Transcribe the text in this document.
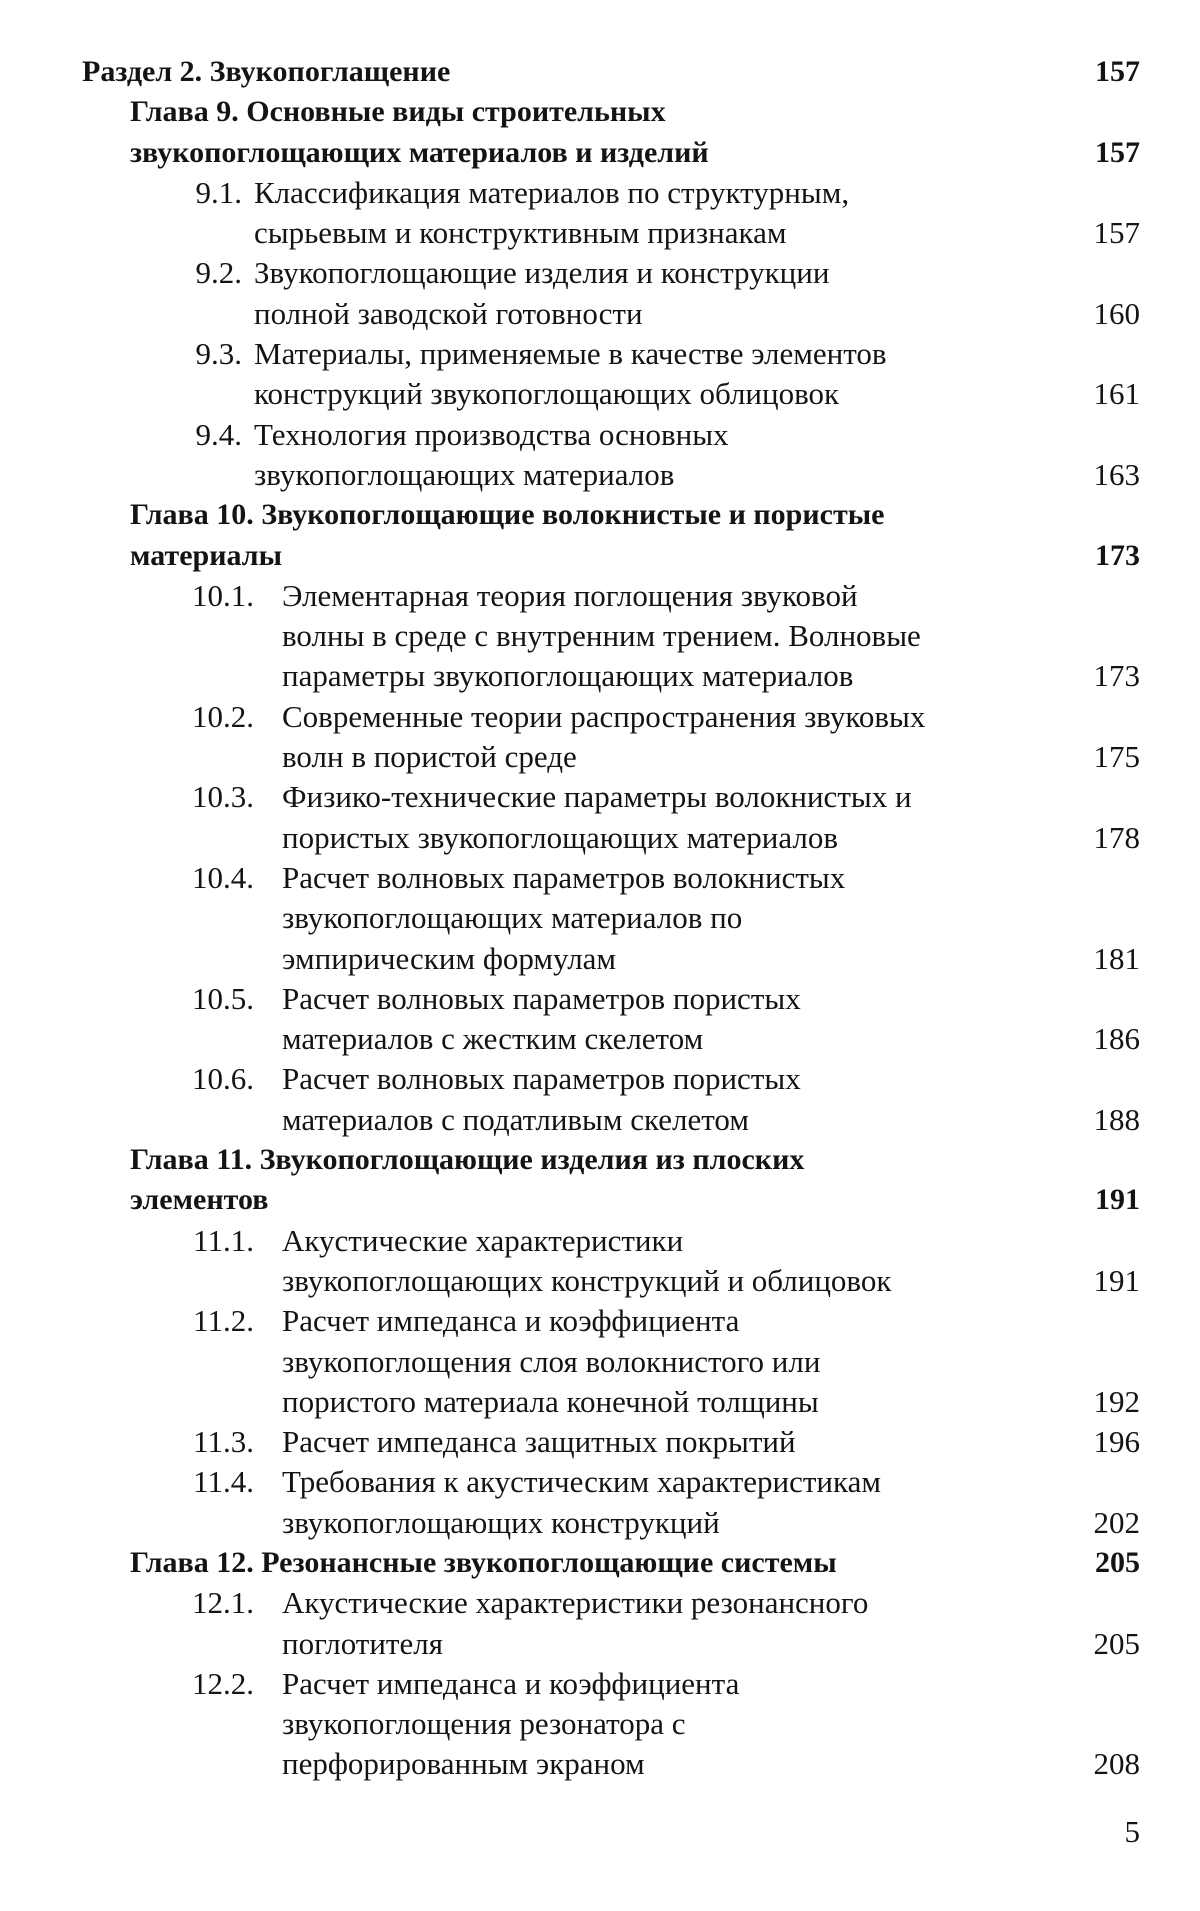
Раздел 2. Звукопоглащение	157
Глава 9. Основные виды строительных
звукопоглощающих материалов и изделий	157
9.1. Классификация материалов по структурным,
сырьевым и конструктивным признакам	157
9.2. Звукопоглощающие изделия и конструкции
полной заводской готовности	160
9.3. Материалы, применяемые в качестве элементов
конструкций звукопоглощающих облицовок	161
9.4. Технология производства основных
звукопоглощающих материалов	163
Глава 10. Звукопоглощающие волокнистые и пористые
материалы	173
10.1. Элементарная теория поглощения звуковой
волны в среде с внутренним трением. Волновые
параметры звукопоглощающих материалов	173
10.2. Современные теории распространения звуковых
волн в пористой среде	175
10.3. Физико-технические параметры волокнистых и
пористых звукопоглощающих материалов	178
10.4. Расчет волновых параметров волокнистых
звукопоглощающих материалов по
эмпирическим формулам	181
10.5. Расчет волновых параметров пористых
материалов с жестким скелетом	186
10.6. Расчет волновых параметров пористых
материалов с податливым скелетом	188
Глава 11. Звукопоглощающие изделия из плоских
элементов	191
11.1. Акустические характеристики
звукопоглощающих конструкций и облицовок	191
11.2. Расчет импеданса и коэффициента
звукопоглощения слоя волокнистого или
пористого материала конечной толщины	192
11.3. Расчет импеданса защитных покрытий	196
11.4. Требования к акустическим характеристикам
звукопоглощающих конструкций	202
Глава 12. Резонансные звукопоглощающие системы	205
12.1. Акустические характеристики резонансного
поглотителя	205
12.2. Расчет импеданса и коэффициента
звукопоглощения резонатора с
перфорированным экраном	208
5
